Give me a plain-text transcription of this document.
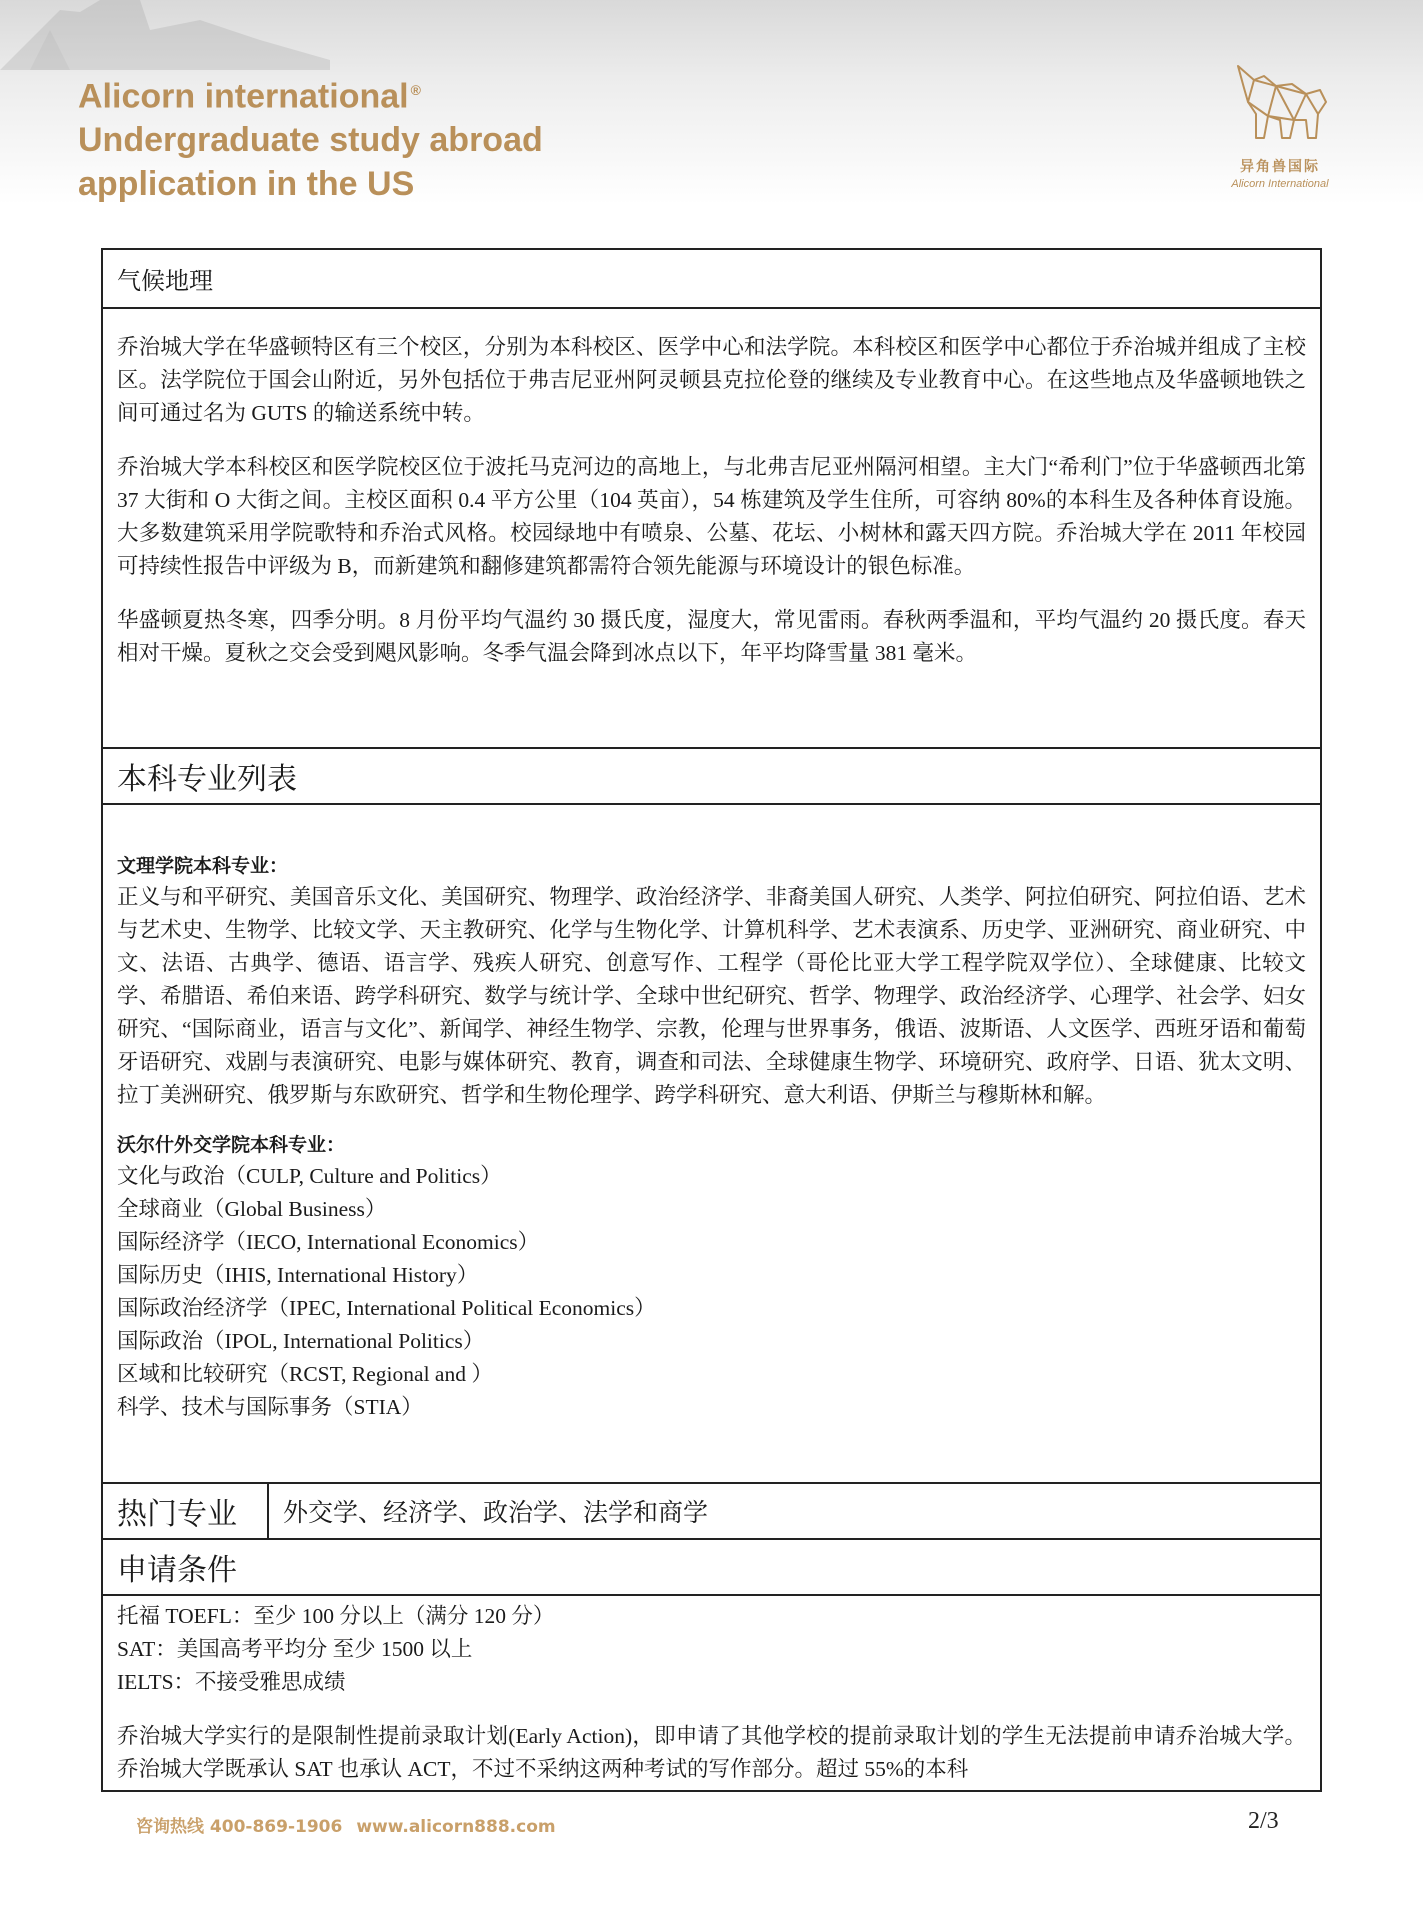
Alicorn international ®
Undergraduate study abroad
application in the US	异角兽国际
Alicorn International
气候地理

乔治城大学在华盛顿特区有三个校区，分别为本科校区、医学中心和法学院。本科校区和医学中心都位于乔治城并组成了主校区。法学院位于国会山附近，另外包括位于弗吉尼亚州阿灵顿县克拉伦登的继续及专业教育中心。在这些地点及华盛顿地铁之间可通过名为 GUTS 的输送系统中转。

乔治城大学本科校区和医学院校区位于波托马克河边的高地上，与北弗吉尼亚州隔河相望。主大门“希利门”位于华盛顿西北第 37 大街和 O 大街之间。主校区面积 0.4 平方公里（104 英亩），54 栋建筑及学生住所，可容纳 80%的本科生及各种体育设施。大多数建筑采用学院歌特和乔治式风格。校园绿地中有喷泉、公墓、花坛、小树林和露天四方院。乔治城大学在 2011 年校园可持续性报告中评级为 B，而新建筑和翻修建筑都需符合领先能源与环境设计的银色标准。

华盛顿夏热冬寒，四季分明。8 月份平均气温约 30 摄氏度，湿度大，常见雷雨。春秋两季温和，平均气温约 20 摄氏度。春天相对干燥。夏秋之交会受到飓风影响。冬季气温会降到冰点以下，年平均降雪量 381 毫米。

本科专业列表
文理学院本科专业：

正义与和平研究、美国音乐文化、美国研究、物理学、政治经济学、非裔美国人研究、人类学、阿拉伯研究、阿拉伯语、艺术与艺术史、生物学、比较文学、天主教研究、化学与生物化学、计算机科学、艺术表演系、历史学、亚洲研究、商业研究、中文、法语、古典学、德语、语言学、残疾人研究、创意写作、工程学（哥伦比亚大学工程学院双学位）、全球健康、比较文学、希腊语、希伯来语、跨学科研究、数学与统计学、全球中世纪研究、哲学、物理学、政治经济学、心理学、社会学、妇女研究、“国际商业，语言与文化”、新闻学、神经生物学、宗教，伦理与世界事务，俄语、波斯语、人文医学、西班牙语和葡萄牙语研究、戏剧与表演研究、电影与媒体研究、教育，调查和司法、全球健康生物学、环境研究、政府学、日语、犹太文明、拉丁美洲研究、俄罗斯与东欧研究、哲学和生物伦理学、跨学科研究、意大利语、伊斯兰与穆斯林和解。

沃尔什外交学院本科专业：

文化与政治（CULP, Culture and Politics）

全球商业（Global Business）

国际经济学（IECO, International Economics）

国际历史（IHIS, International History）

国际政治经济学（IPEC, International Political Economics）

国际政治（IPOL, International Politics）

区域和比较研究（RCST, Regional and ）

科学、技术与国际事务（STIA）

热门专业	外交学、经济学、政治学、法学和商学
申请条件

托福 TOEFL：至少 100 分以上（满分 120 分）

SAT：美国高考平均分 至少 1500 以上

IELTS：不接受雅思成绩

乔治城大学实行的是限制性提前录取计划(Early Action)，即申请了其他学校的提前录取计划的学生无法提前申请乔治城大学。乔治城大学既承认 SAT 也承认 ACT，不过不采纳这两种考试的写作部分。超过 55%的本科

咨询热线 400-869-1906 www.alicorn888.com	2/3
